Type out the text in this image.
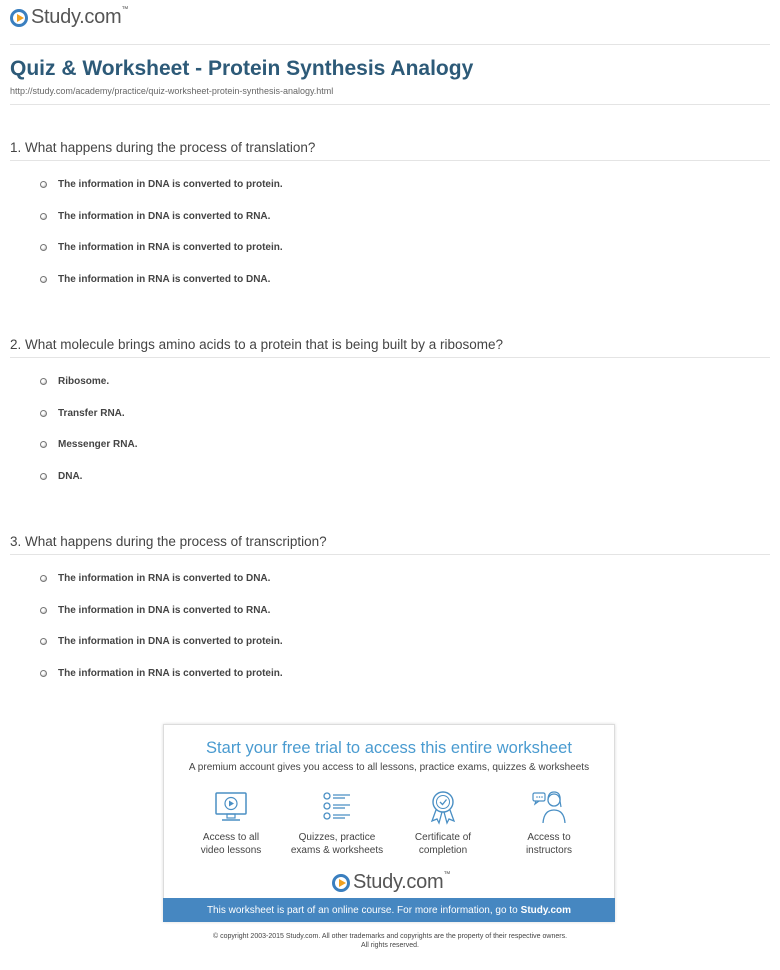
Study.com™
Quiz & Worksheet - Protein Synthesis Analogy
http://study.com/academy/practice/quiz-worksheet-protein-synthesis-analogy.html
1. What happens during the process of translation?
The information in DNA is converted to protein.
The information in DNA is converted to RNA.
The information in RNA is converted to protein.
The information in RNA is converted to DNA.
2. What molecule brings amino acids to a protein that is being built by a ribosome?
Ribosome.
Transfer RNA.
Messenger RNA.
DNA.
3. What happens during the process of transcription?
The information in RNA is converted to DNA.
The information in DNA is converted to RNA.
The information in DNA is converted to protein.
The information in RNA is converted to protein.
Start your free trial to access this entire worksheet
A premium account gives you access to all lessons, practice exams, quizzes & worksheets
Access to all
video lessons
Quizzes, practice
exams & worksheets
Certificate of
completion
Access to
instructors
Study.com™
This worksheet is part of an online course. For more information, go to Study.com
© copyright 2003-2015 Study.com. All other trademarks and copyrights are the property of their respective owners.
All rights reserved.
